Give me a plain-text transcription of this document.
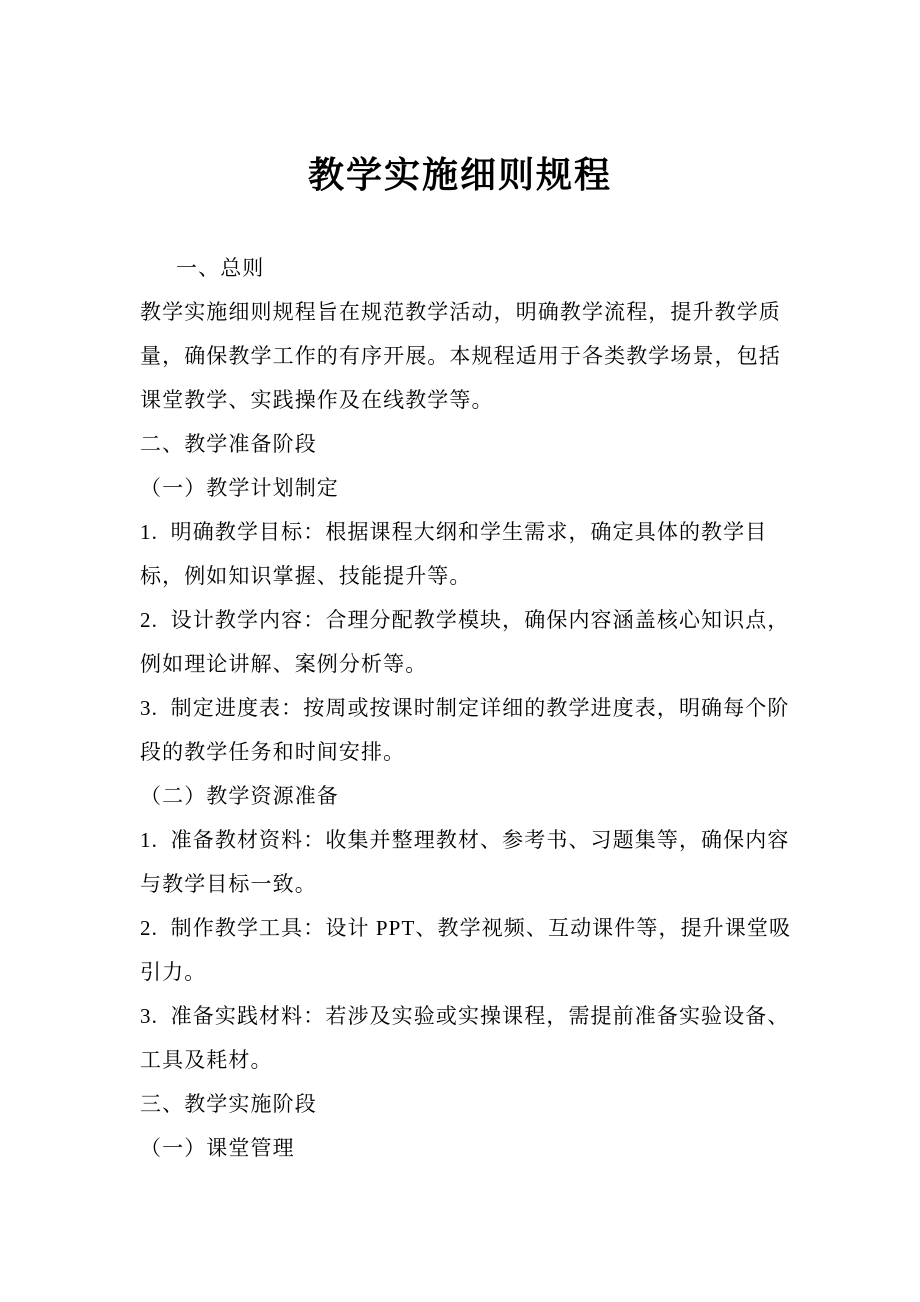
教学实施细则规程
一、总则
教学实施细则规程旨在规范教学活动，明确教学流程，提升教学质
量，确保教学工作的有序开展。本规程适用于各类教学场景，包括
课堂教学、实践操作及在线教学等。
二、教学准备阶段
（一）教学计划制定
1.  明确教学目标：根据课程大纲和学生需求，确定具体的教学目
标，例如知识掌握、技能提升等。
2.  设计教学内容：合理分配教学模块，确保内容涵盖核心知识点，
例如理论讲解、案例分析等。
3.  制定进度表：按周或按课时制定详细的教学进度表，明确每个阶
段的教学任务和时间安排。
（二）教学资源准备
1.  准备教材资料：收集并整理教材、参考书、习题集等，确保内容
与教学目标一致。
2.  制作教学工具：设计 PPT、教学视频、互动课件等，提升课堂吸
引力。
3.  准备实践材料：若涉及实验或实操课程，需提前准备实验设备、
工具及耗材。
三、教学实施阶段
（一）课堂管理
